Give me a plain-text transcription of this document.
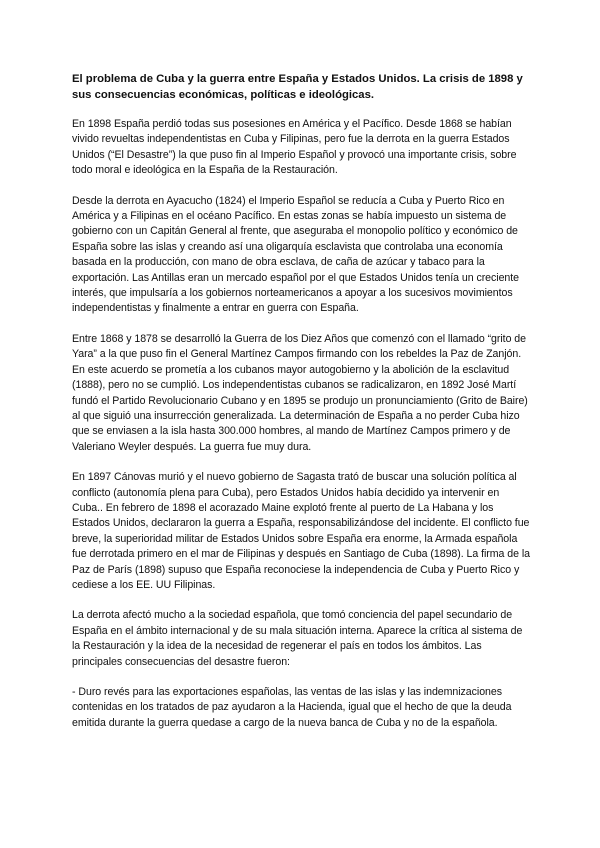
El problema de Cuba y la guerra entre España y Estados Unidos. La crisis de 1898 y sus consecuencias económicas, políticas e ideológicas.

En 1898 España perdió todas sus posesiones en América y el Pacífico. Desde 1868 se habían vivido revueltas independentistas en Cuba y Filipinas, pero fue la derrota en la guerra Estados Unidos (“El Desastre”) la que puso fin al Imperio Español y provocó una importante crisis, sobre todo moral e ideológica en la España de la Restauración.

Desde la derrota en Ayacucho (1824) el Imperio Español se reducía a Cuba y Puerto Rico en América y a Filipinas en el océano Pacífico. En estas zonas se había impuesto un sistema de gobierno con un Capitán General al frente, que aseguraba el monopolio político y económico de España sobre las islas y creando así una oligarquía esclavista que controlaba una economía basada en la producción, con mano de obra esclava, de caña de azúcar y tabaco para la exportación. Las Antillas eran un mercado español por el que Estados Unidos tenía un creciente interés, que impulsaría a los gobiernos norteamericanos a apoyar a los sucesivos movimientos independentistas y finalmente a entrar en guerra con España.

Entre 1868 y 1878 se desarrolló la Guerra de los Diez Años que comenzó con el llamado “grito de Yara” a la que puso fin el General Martínez Campos firmando con los rebeldes la Paz de Zanjón. En este acuerdo se prometía a los cubanos mayor autogobierno y la abolición de la esclavitud (1888), pero no se cumplió. Los independentistas cubanos se radicalizaron, en 1892 José Martí fundó el Partido Revolucionario Cubano y en 1895 se produjo un pronunciamiento (Grito de Baire) al que siguió una insurrección generalizada. La determinación de España a no perder Cuba hizo que se enviasen a la isla hasta 300.000 hombres, al mando de Martínez Campos primero y de Valeriano Weyler después. La guerra fue muy dura.

En 1897 Cánovas murió y el nuevo gobierno de Sagasta trató de buscar una solución política al conflicto (autonomía plena para Cuba), pero Estados Unidos había decidido ya intervenir en Cuba.. En febrero de 1898 el acorazado Maine explotó frente al puerto de La Habana y los Estados Unidos, declararon la guerra a España, responsabilizándose del incidente. El conflicto fue breve, la superioridad militar de Estados Unidos sobre España era enorme, la Armada española fue derrotada primero en el mar de Filipinas y después en Santiago de Cuba (1898). La firma de la Paz de París (1898) supuso que España reconociese la independencia de Cuba y Puerto Rico y cediese a los EE. UU Filipinas.

La derrota afectó mucho a la sociedad española, que tomó conciencia del papel secundario de España en el ámbito internacional y de su mala situación interna. Aparece la crítica al sistema de la Restauración y la idea de la necesidad de regenerar el país en todos los ámbitos. Las principales consecuencias del desastre fueron:

- Duro revés para las exportaciones españolas, las ventas de las islas y las indemnizaciones contenidas en los tratados de paz ayudaron a la Hacienda, igual que el hecho de que la deuda emitida durante la guerra quedase a cargo de la nueva banca de Cuba y no de la española.
